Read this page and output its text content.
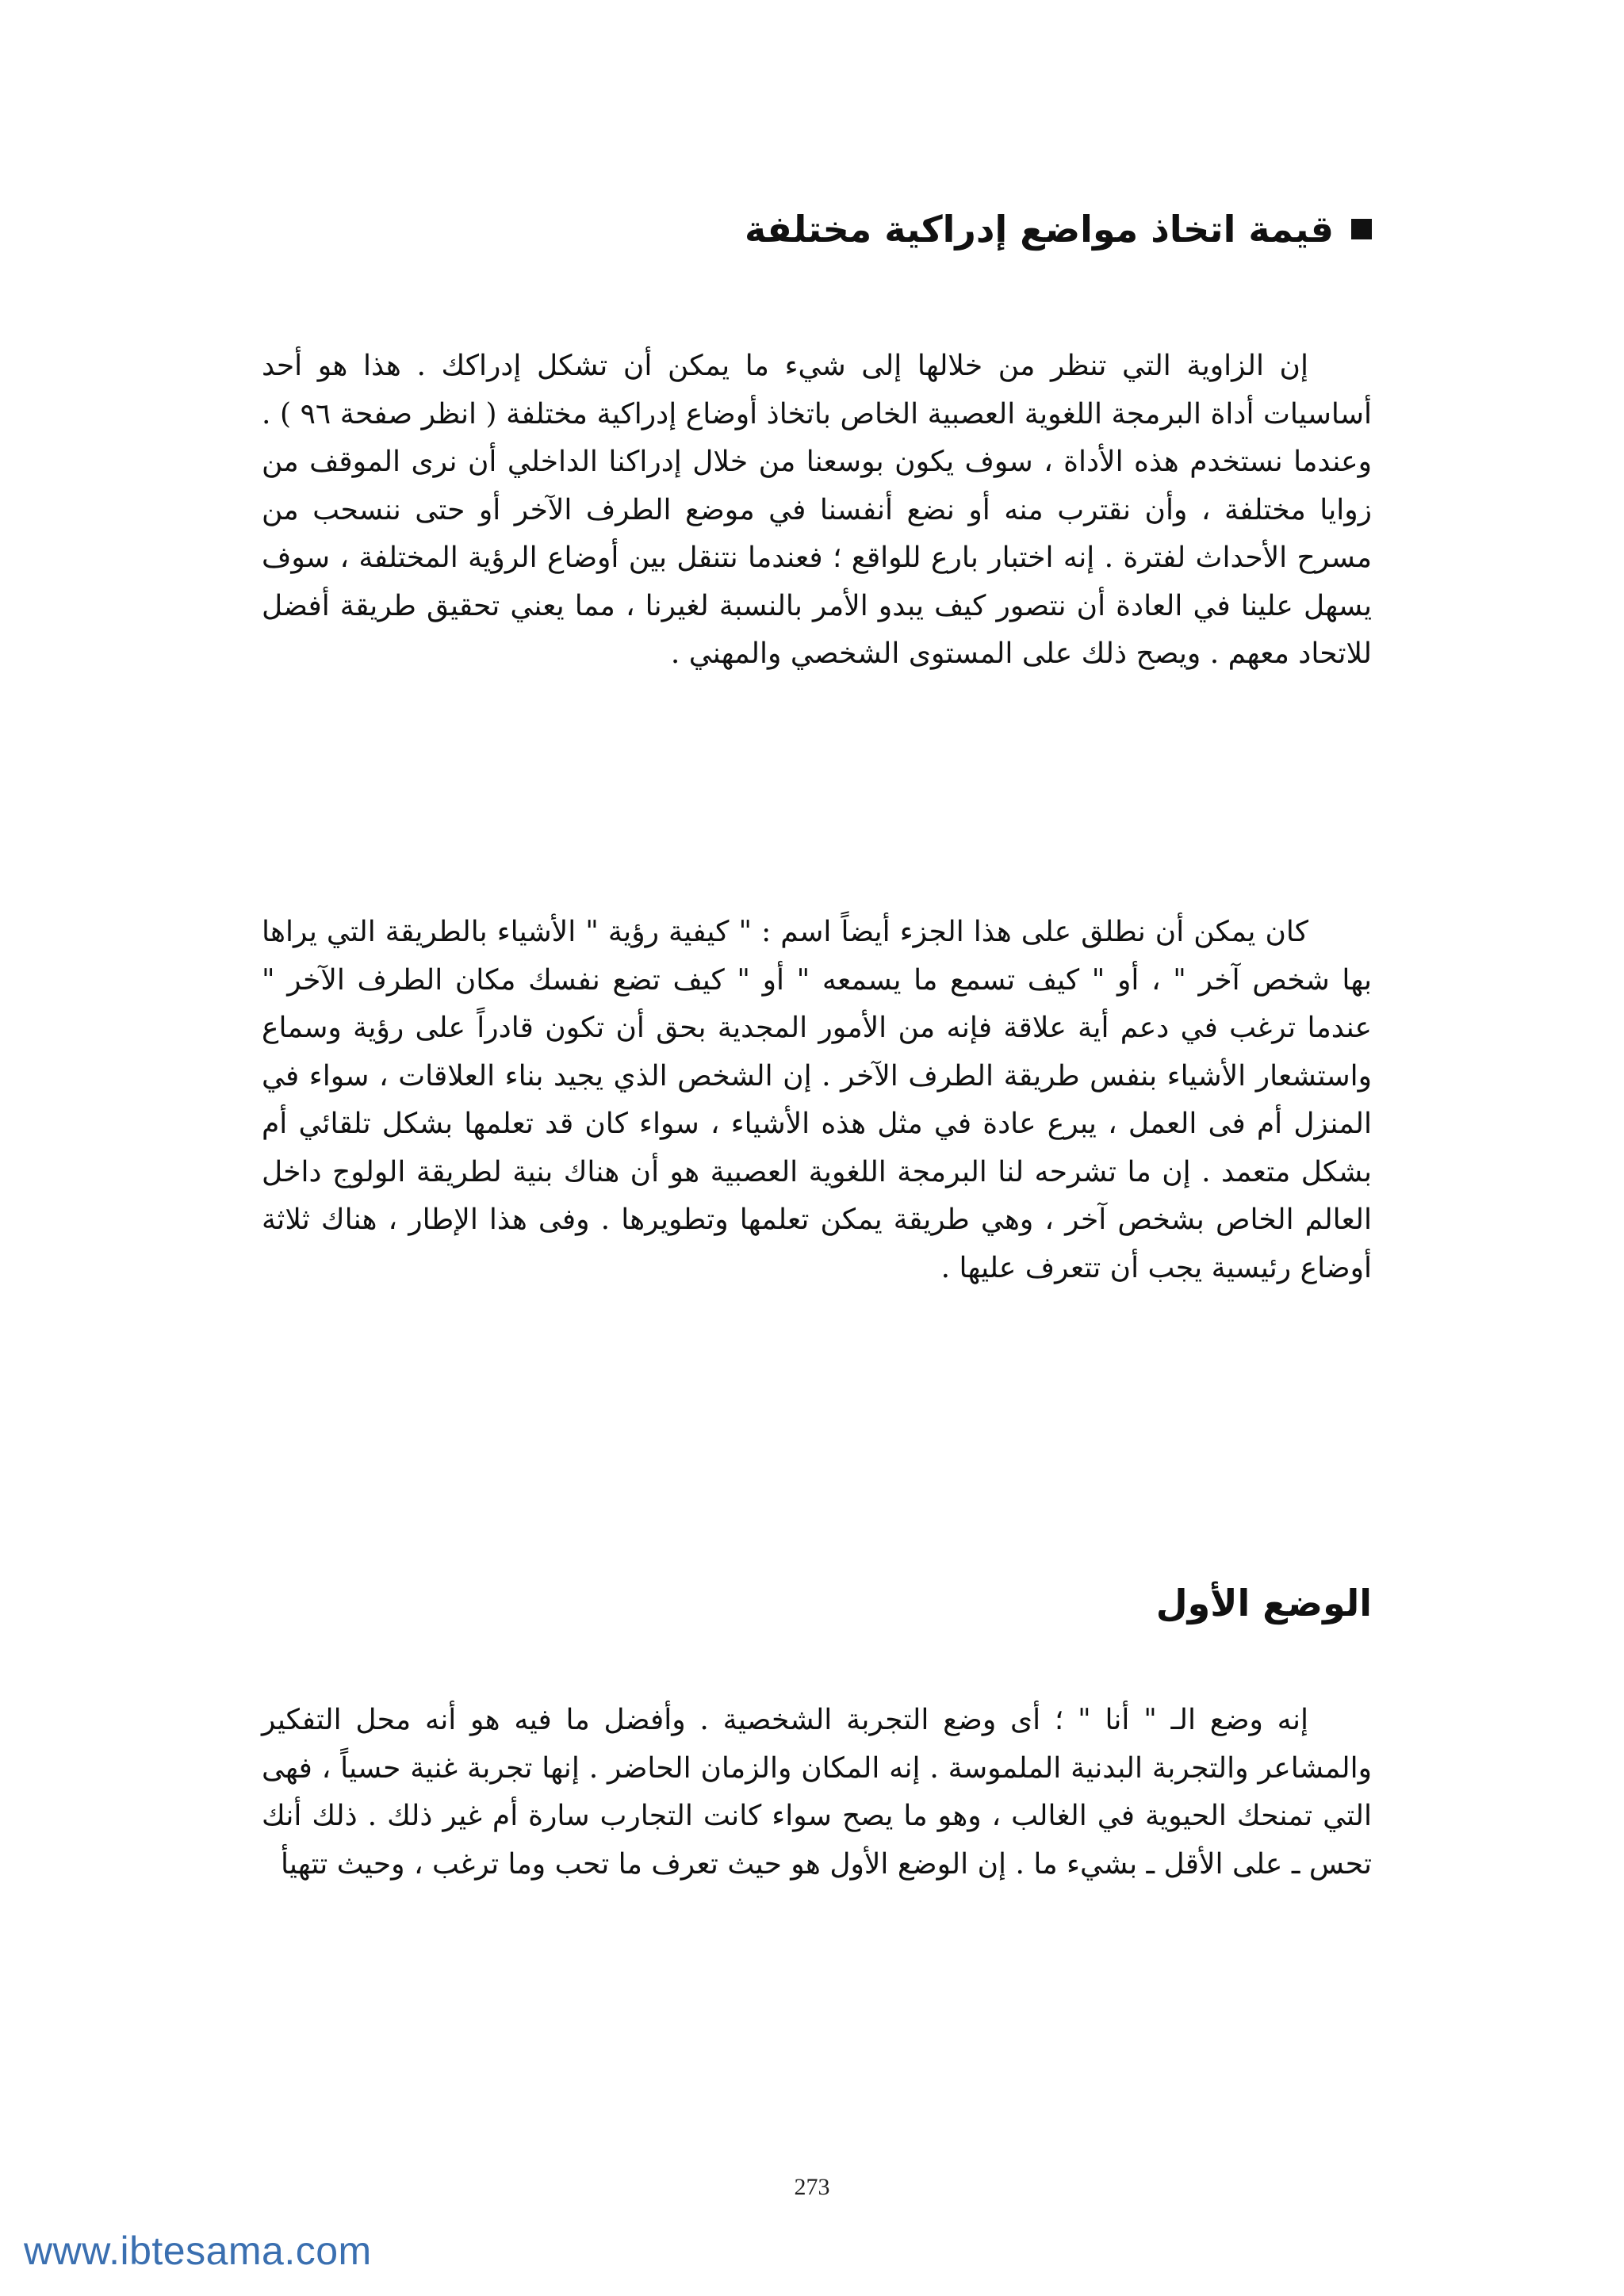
قيمة اتخاذ مواضع إدراكية مختلفة

إن الزاوية التي تنظر من خلالها إلى شيء ما يمكن أن تشكل إدراكك . هذا هو أحد أساسيات أداة البرمجة اللغوية العصبية الخاص باتخاذ أوضاع إدراكية مختلفة ( انظر صفحة ٩٦ ) . وعندما نستخدم هذه الأداة ، سوف يكون بوسعنا من خلال إدراكنا الداخلي أن نرى الموقف من زوايا مختلفة ، وأن نقترب منه أو نضع أنفسنا في موضع الطرف الآخر أو حتى ننسحب من مسرح الأحداث لفترة . إنه اختبار بارع للواقع ؛ فعندما نتنقل بين أوضاع الرؤية المختلفة ، سوف يسهل علينا في العادة أن نتصور كيف يبدو الأمر بالنسبة لغيرنا ، مما يعني تحقيق طريقة أفضل للاتحاد معهم . ويصح ذلك على المستوى الشخصي والمهني .

كان يمكن أن نطلق على هذا الجزء أيضاً اسم : " كيفية رؤية " الأشياء بالطريقة التي يراها بها شخص آخر " ، أو " كيف تسمع ما يسمعه " أو " كيف تضع نفسك مكان الطرف الآخر " عندما ترغب في دعم أية علاقة فإنه من الأمور المجدية بحق أن تكون قادراً على رؤية وسماع واستشعار الأشياء بنفس طريقة الطرف الآخر . إن الشخص الذي يجيد بناء العلاقات ، سواء في المنزل أم فى العمل ، يبرع عادة في مثل هذه الأشياء ، سواء كان قد تعلمها بشكل تلقائي أم بشكل متعمد . إن ما تشرحه لنا البرمجة اللغوية العصبية هو أن هناك بنية لطريقة الولوج داخل العالم الخاص بشخص آخر ، وهي طريقة يمكن تعلمها وتطويرها . وفى هذا الإطار ، هناك ثلاثة أوضاع رئيسية يجب أن تتعرف عليها .

الوضع الأول

إنه وضع الـ " أنا " ؛ أى وضع التجربة الشخصية . وأفضل ما فيه هو أنه محل التفكير والمشاعر والتجربة البدنية الملموسة . إنه المكان والزمان الحاضر . إنها تجربة غنية حسياً ، فهى التي تمنحك الحيوية في الغالب ، وهو ما يصح سواء كانت التجارب سارة أم غير ذلك . ذلك أنك تحس ـ على الأقل ـ بشيء ما . إن الوضع الأول هو حيث تعرف ما تحب وما ترغب ، وحيث تتهيأ

273
www.ibtesama.com
